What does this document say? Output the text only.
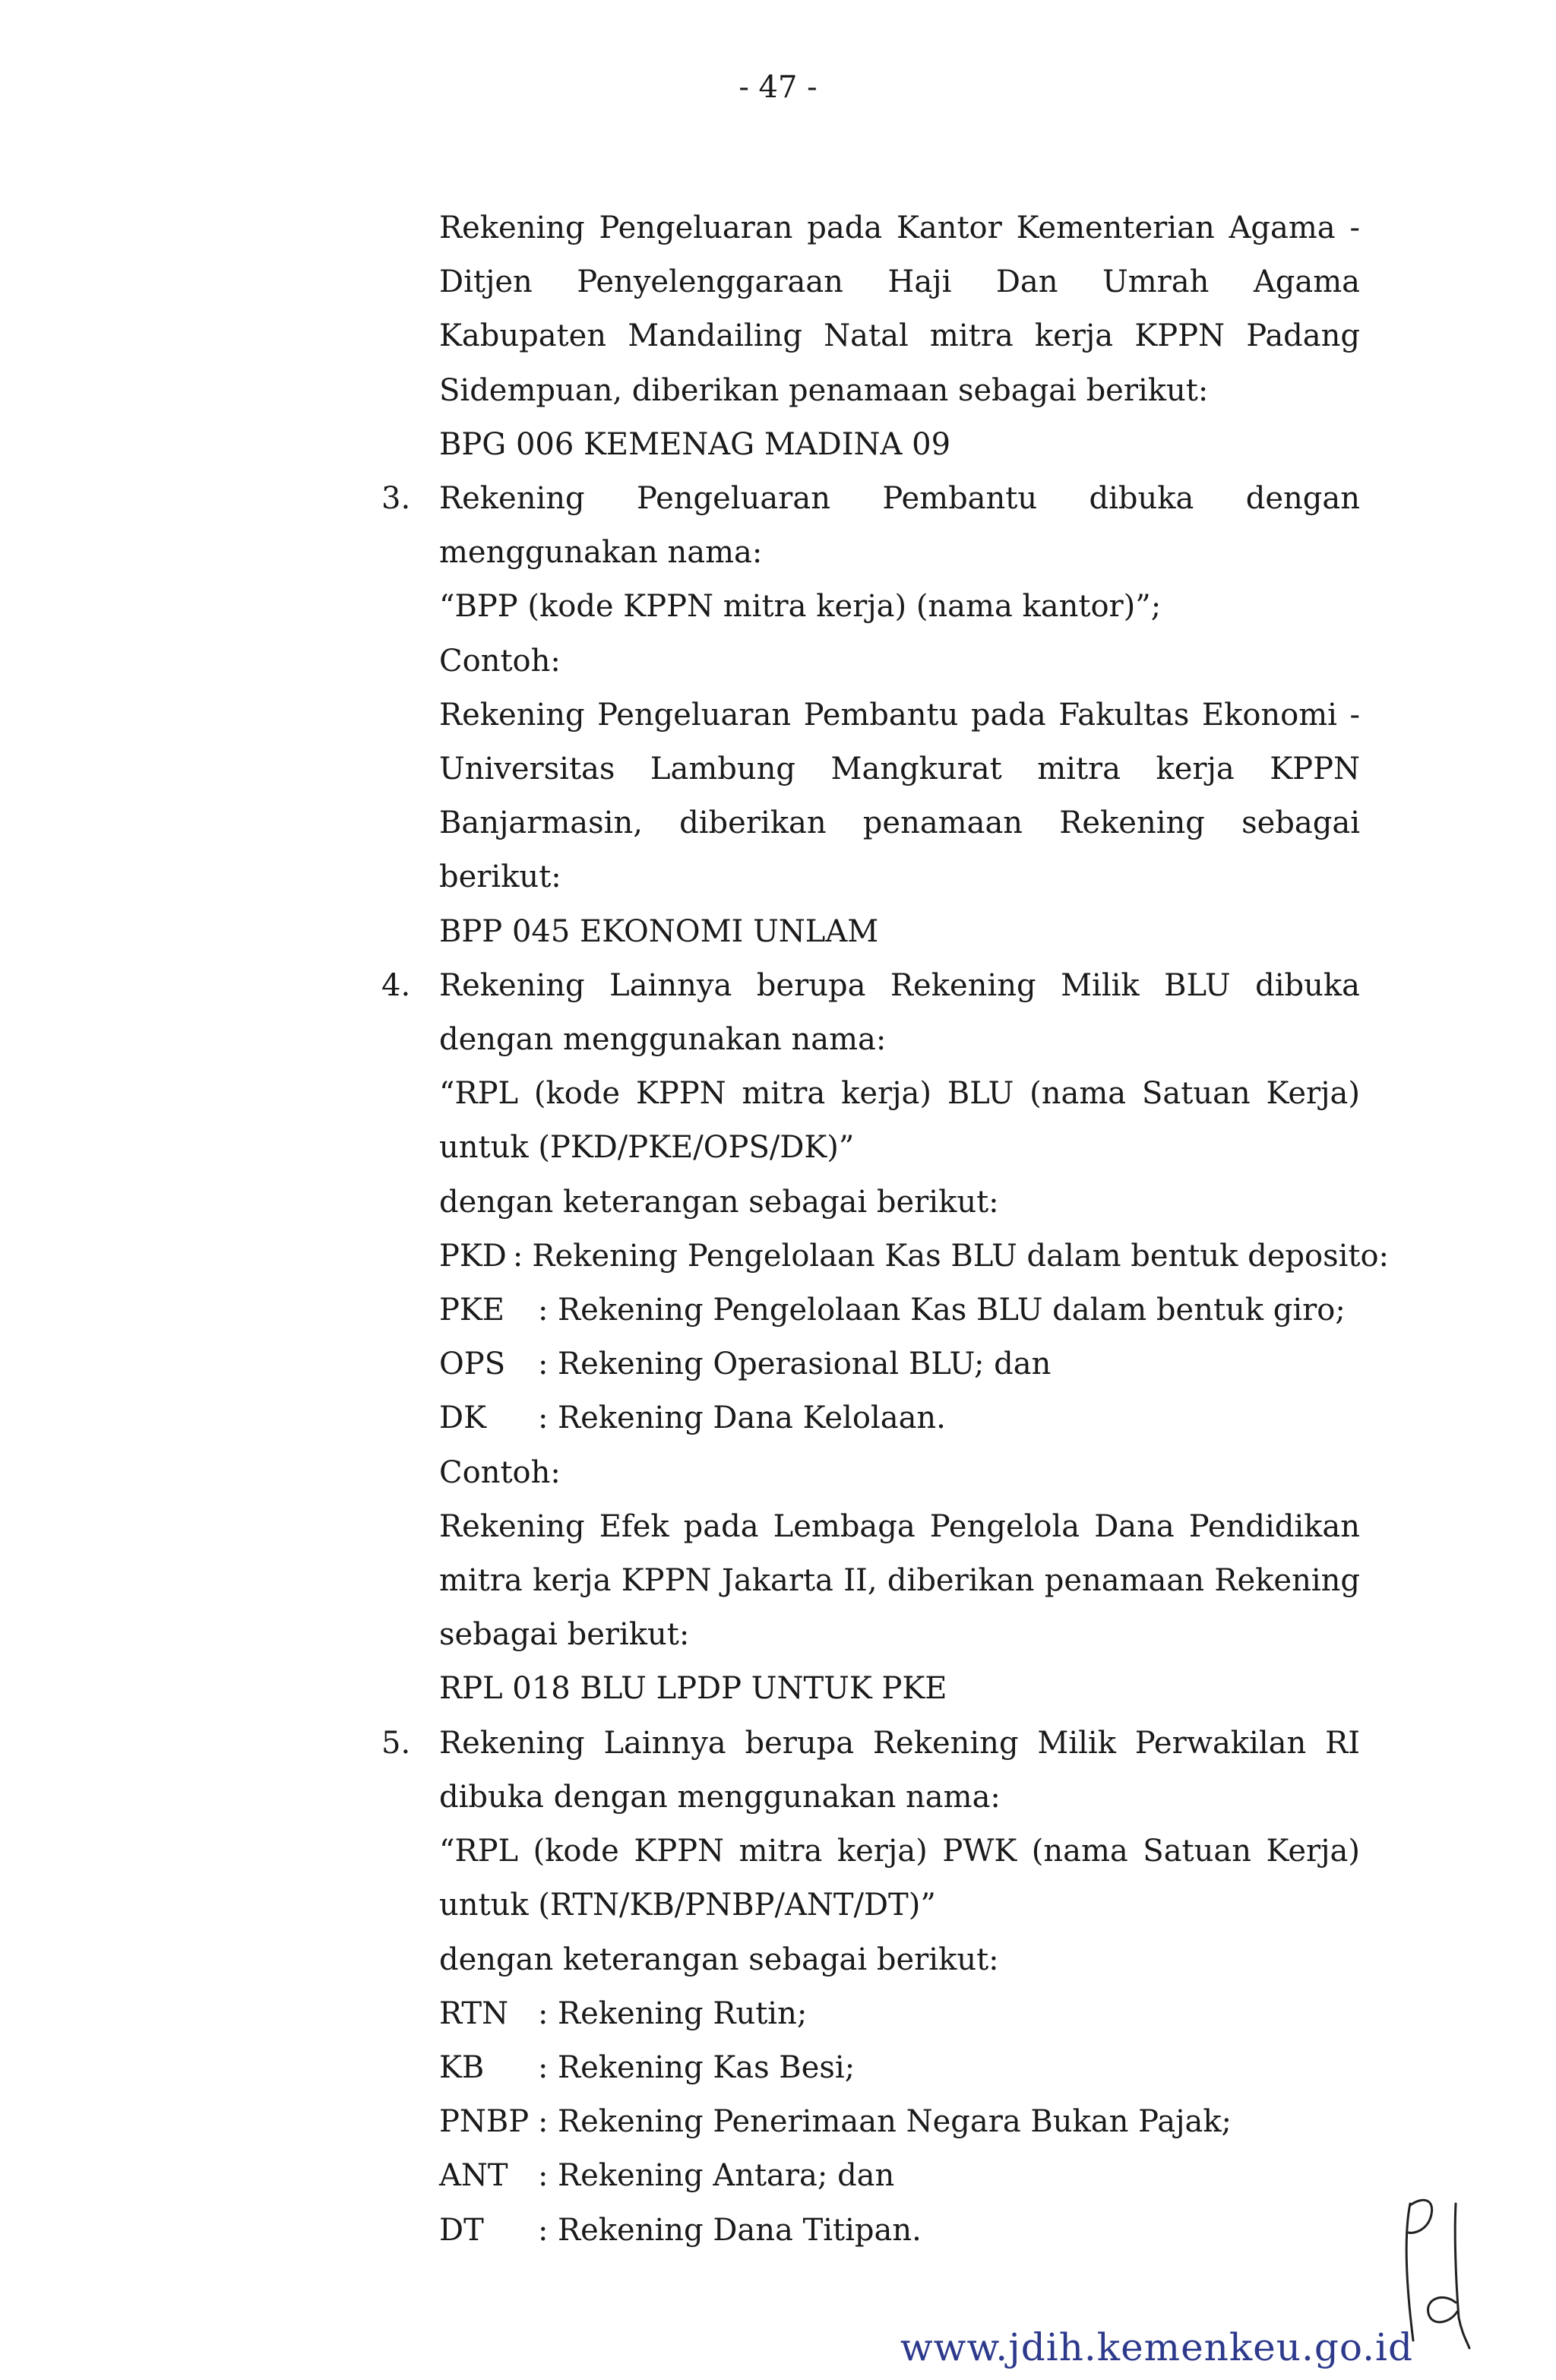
- 47 -
Rekening Pengeluaran pada Kantor Kementerian Agama - Ditjen Penyelenggaraan Haji Dan Umrah Agama Kabupaten Mandailing Natal mitra kerja KPPN Padang Sidempuan, diberikan penamaan sebagai berikut:
BPG 006 KEMENAG MADINA 09
3. Rekening Pengeluaran Pembantu dibuka dengan menggunakan nama:
“BPP (kode KPPN mitra kerja) (nama kantor)”;
Contoh:
Rekening Pengeluaran Pembantu pada Fakultas Ekonomi - Universitas Lambung Mangkurat mitra kerja KPPN Banjarmasin, diberikan penamaan Rekening sebagai berikut:
BPP 045 EKONOMI UNLAM
4. Rekening Lainnya berupa Rekening Milik BLU dibuka dengan menggunakan nama:
“RPL (kode KPPN mitra kerja) BLU (nama Satuan Kerja) untuk (PKD/PKE/OPS/DK)”
dengan keterangan sebagai berikut:
PKD : Rekening Pengelolaan Kas BLU dalam bentuk deposito:
PKE	: Rekening Pengelolaan Kas BLU dalam bentuk giro;
OPS	: Rekening Operasional BLU; dan
DK	: Rekening Dana Kelolaan.
Contoh:
Rekening Efek pada Lembaga Pengelola Dana Pendidikan mitra kerja KPPN Jakarta II, diberikan penamaan Rekening sebagai berikut:
RPL 018 BLU LPDP UNTUK PKE
5. Rekening Lainnya berupa Rekening Milik Perwakilan RI dibuka dengan menggunakan nama:
“RPL (kode KPPN mitra kerja) PWK (nama Satuan Kerja) untuk (RTN/KB/PNBP/ANT/DT)”
dengan keterangan sebagai berikut:
RTN : Rekening Rutin;
KB	: Rekening Kas Besi;
PNBP : Rekening Penerimaan Negara Bukan Pajak;
ANT : Rekening Antara; dan
DT	: Rekening Dana Titipan.
www.jdih.kemenkeu.go.id
